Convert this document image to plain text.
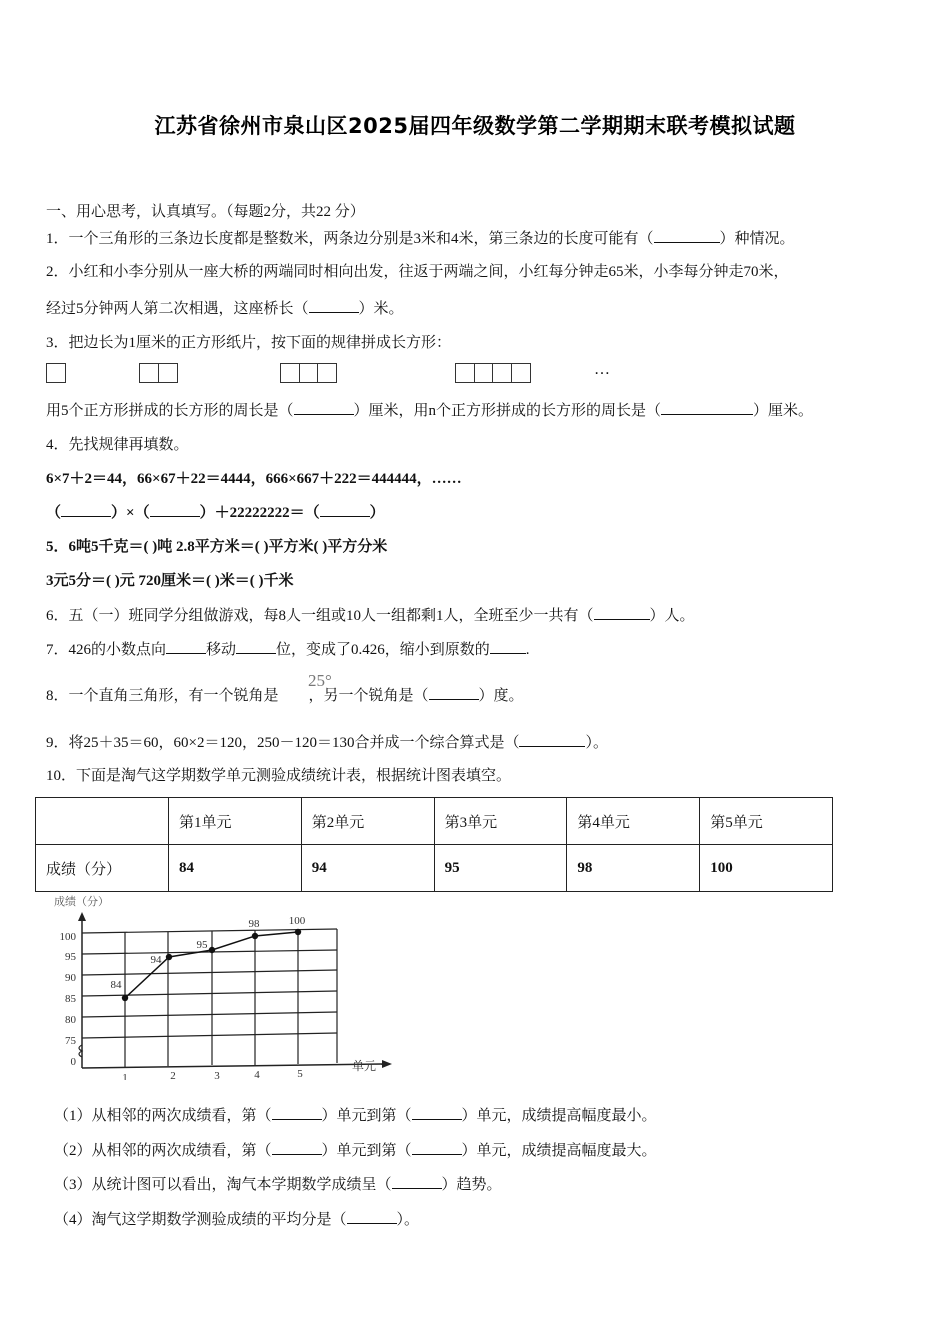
江苏省徐州市泉山区2025届四年级数学第二学期期末联考模拟试题
一、用心思考，认真填写。（每题2分，共22 分）
1．一个三角形的三条边长度都是整数米，两条边分别是3米和4米，第三条边的长度可能有（	）种情况。
2．小红和小李分别从一座大桥的两端同时相向出发，往返于两端之间，小红每分钟走65米，小李每分钟走70米，
经过5分钟两人第二次相遇，这座桥长（	）米。
3．把边长为1厘米的正方形纸片，按下面的规律拼成长方形：
…
用5个正方形拼成的长方形的周长是（	）厘米，用n个正方形拼成的长方形的周长是（	）厘米。
4．先找规律再填数。
6×7＋2＝44，66×67＋22＝4444，666×667＋222＝444444，……
（	）×（	）＋22222222＝（	）
5．6吨5千克＝( )吨 2.8平方米＝( )平方米( )平方分米
3元5分＝( )元 720厘米＝( )米＝( )千米
6．五（一）班同学分组做游戏，每8人一组或10人一组都剩1人，全班至少一共有（	）人。
7．426的小数点向	移动	位，变成了0.426，缩小到原数的 .
8．一个直角三角形，有一个锐角是 ，另一个锐角是（	）度。
25°
9．将25＋35＝60，60×2＝120，250－120＝130合并成一个综合算式是（	）。
10．下面是淘气这学期数学单元测验成绩统计表，根据统计图表填空。
	第1单元	第2单元	第3单元	第4单元	第5单元
成绩（分）	84	94	95	98	100
成绩（分）
100
95
90
85
80
75
0
1	2	3	4	5
单元
84
94
95
98	100
（1）从相邻的两次成绩看，第（	）单元到第（	）单元，成绩提高幅度最小。
（2）从相邻的两次成绩看，第（	）单元到第（	）单元，成绩提高幅度最大。
（3）从统计图可以看出，淘气本学期数学成绩呈（	）趋势。
（4）淘气这学期数学测验成绩的平均分是（	）。
